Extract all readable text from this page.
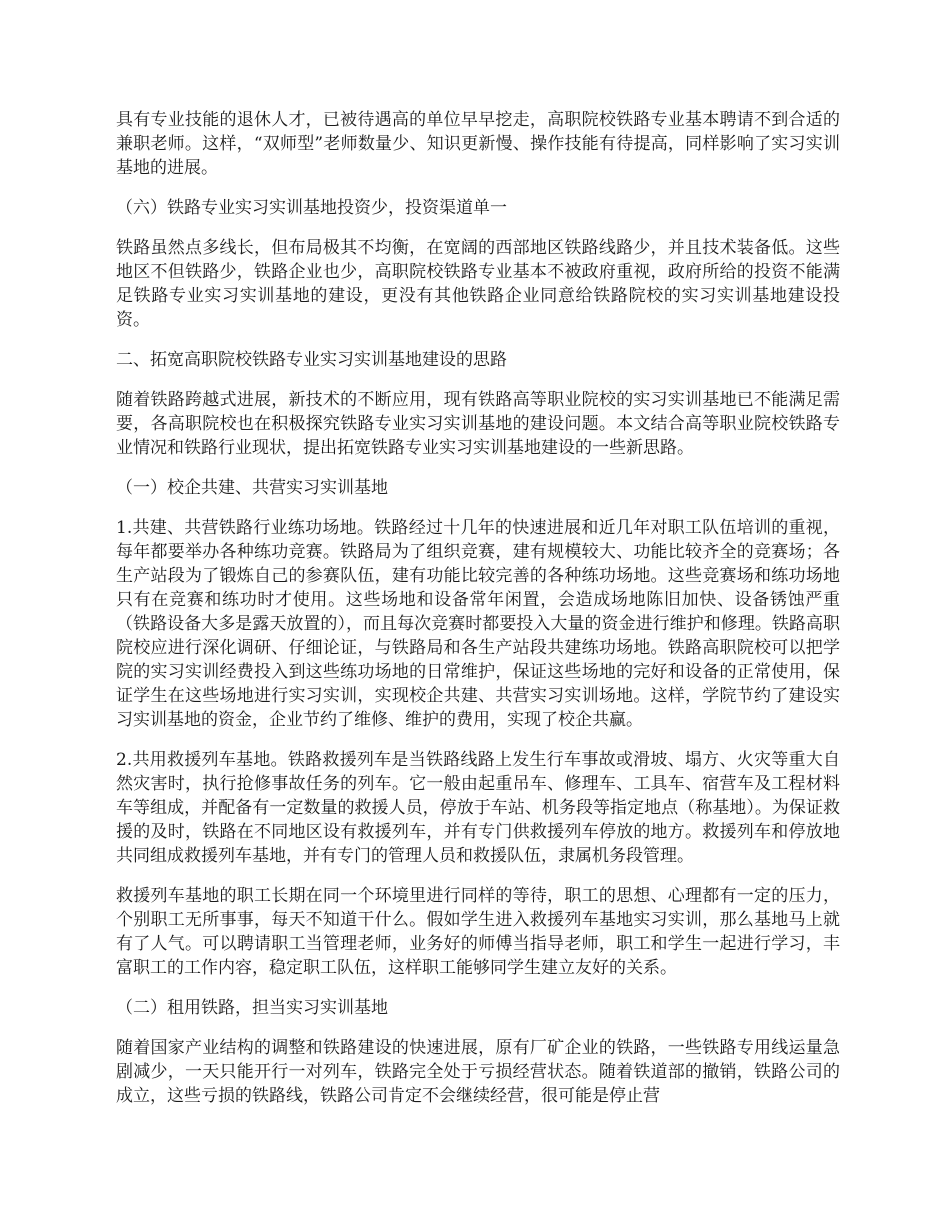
具有专业技能的退休人才，已被待遇高的单位早早挖走，高职院校铁路专业基本聘请不到合适的兼职老师。这样，“双师型”老师数量少、知识更新慢、操作技能有待提高，同样影响了实习实训基地的进展。

（六）铁路专业实习实训基地投资少，投资渠道单一

铁路虽然点多线长，但布局极其不均衡，在宽阔的西部地区铁路线路少，并且技术装备低。这些地区不但铁路少，铁路企业也少，高职院校铁路专业基本不被政府重视，政府所给的投资不能满足铁路专业实习实训基地的建设，更没有其他铁路企业同意给铁路院校的实习实训基地建设投资。

二、拓宽高职院校铁路专业实习实训基地建设的思路

随着铁路跨越式进展，新技术的不断应用，现有铁路高等职业院校的实习实训基地已不能满足需要，各高职院校也在积极探究铁路专业实习实训基地的建设问题。本文结合高等职业院校铁路专业情况和铁路行业现状，提出拓宽铁路专业实习实训基地建设的一些新思路。

（一）校企共建、共营实习实训基地

1.共建、共营铁路行业练功场地。铁路经过十几年的快速进展和近几年对职工队伍培训的重视，每年都要举办各种练功竞赛。铁路局为了组织竞赛，建有规模较大、功能比较齐全的竞赛场；各生产站段为了锻炼自己的参赛队伍，建有功能比较完善的各种练功场地。这些竞赛场和练功场地只有在竞赛和练功时才使用。这些场地和设备常年闲置，会造成场地陈旧加快、设备锈蚀严重（铁路设备大多是露天放置的），而且每次竞赛时都要投入大量的资金进行维护和修理。铁路高职院校应进行深化调研、仔细论证，与铁路局和各生产站段共建练功场地。铁路高职院校可以把学院的实习实训经费投入到这些练功场地的日常维护，保证这些场地的完好和设备的正常使用，保证学生在这些场地进行实习实训，实现校企共建、共营实习实训场地。这样，学院节约了建设实习实训基地的资金，企业节约了维修、维护的费用，实现了校企共赢。

2.共用救援列车基地。铁路救援列车是当铁路线路上发生行车事故或滑坡、塌方、火灾等重大自然灾害时，执行抢修事故任务的列车。它一般由起重吊车、修理车、工具车、宿营车及工程材料车等组成，并配备有一定数量的救援人员，停放于车站、机务段等指定地点（称基地）。为保证救援的及时，铁路在不同地区设有救援列车，并有专门供救援列车停放的地方。救援列车和停放地共同组成救援列车基地，并有专门的管理人员和救援队伍，隶属机务段管理。

救援列车基地的职工长期在同一个环境里进行同样的等待，职工的思想、心理都有一定的压力，个别职工无所事事，每天不知道干什么。假如学生进入救援列车基地实习实训，那么基地马上就有了人气。可以聘请职工当管理老师，业务好的师傅当指导老师，职工和学生一起进行学习，丰富职工的工作内容，稳定职工队伍，这样职工能够同学生建立友好的关系。

（二）租用铁路，担当实习实训基地

随着国家产业结构的调整和铁路建设的快速进展，原有厂矿企业的铁路，一些铁路专用线运量急剧减少，一天只能开行一对列车，铁路完全处于亏损经营状态。随着铁道部的撤销，铁路公司的成立，这些亏损的铁路线，铁路公司肯定不会继续经营，很可能是停止营
